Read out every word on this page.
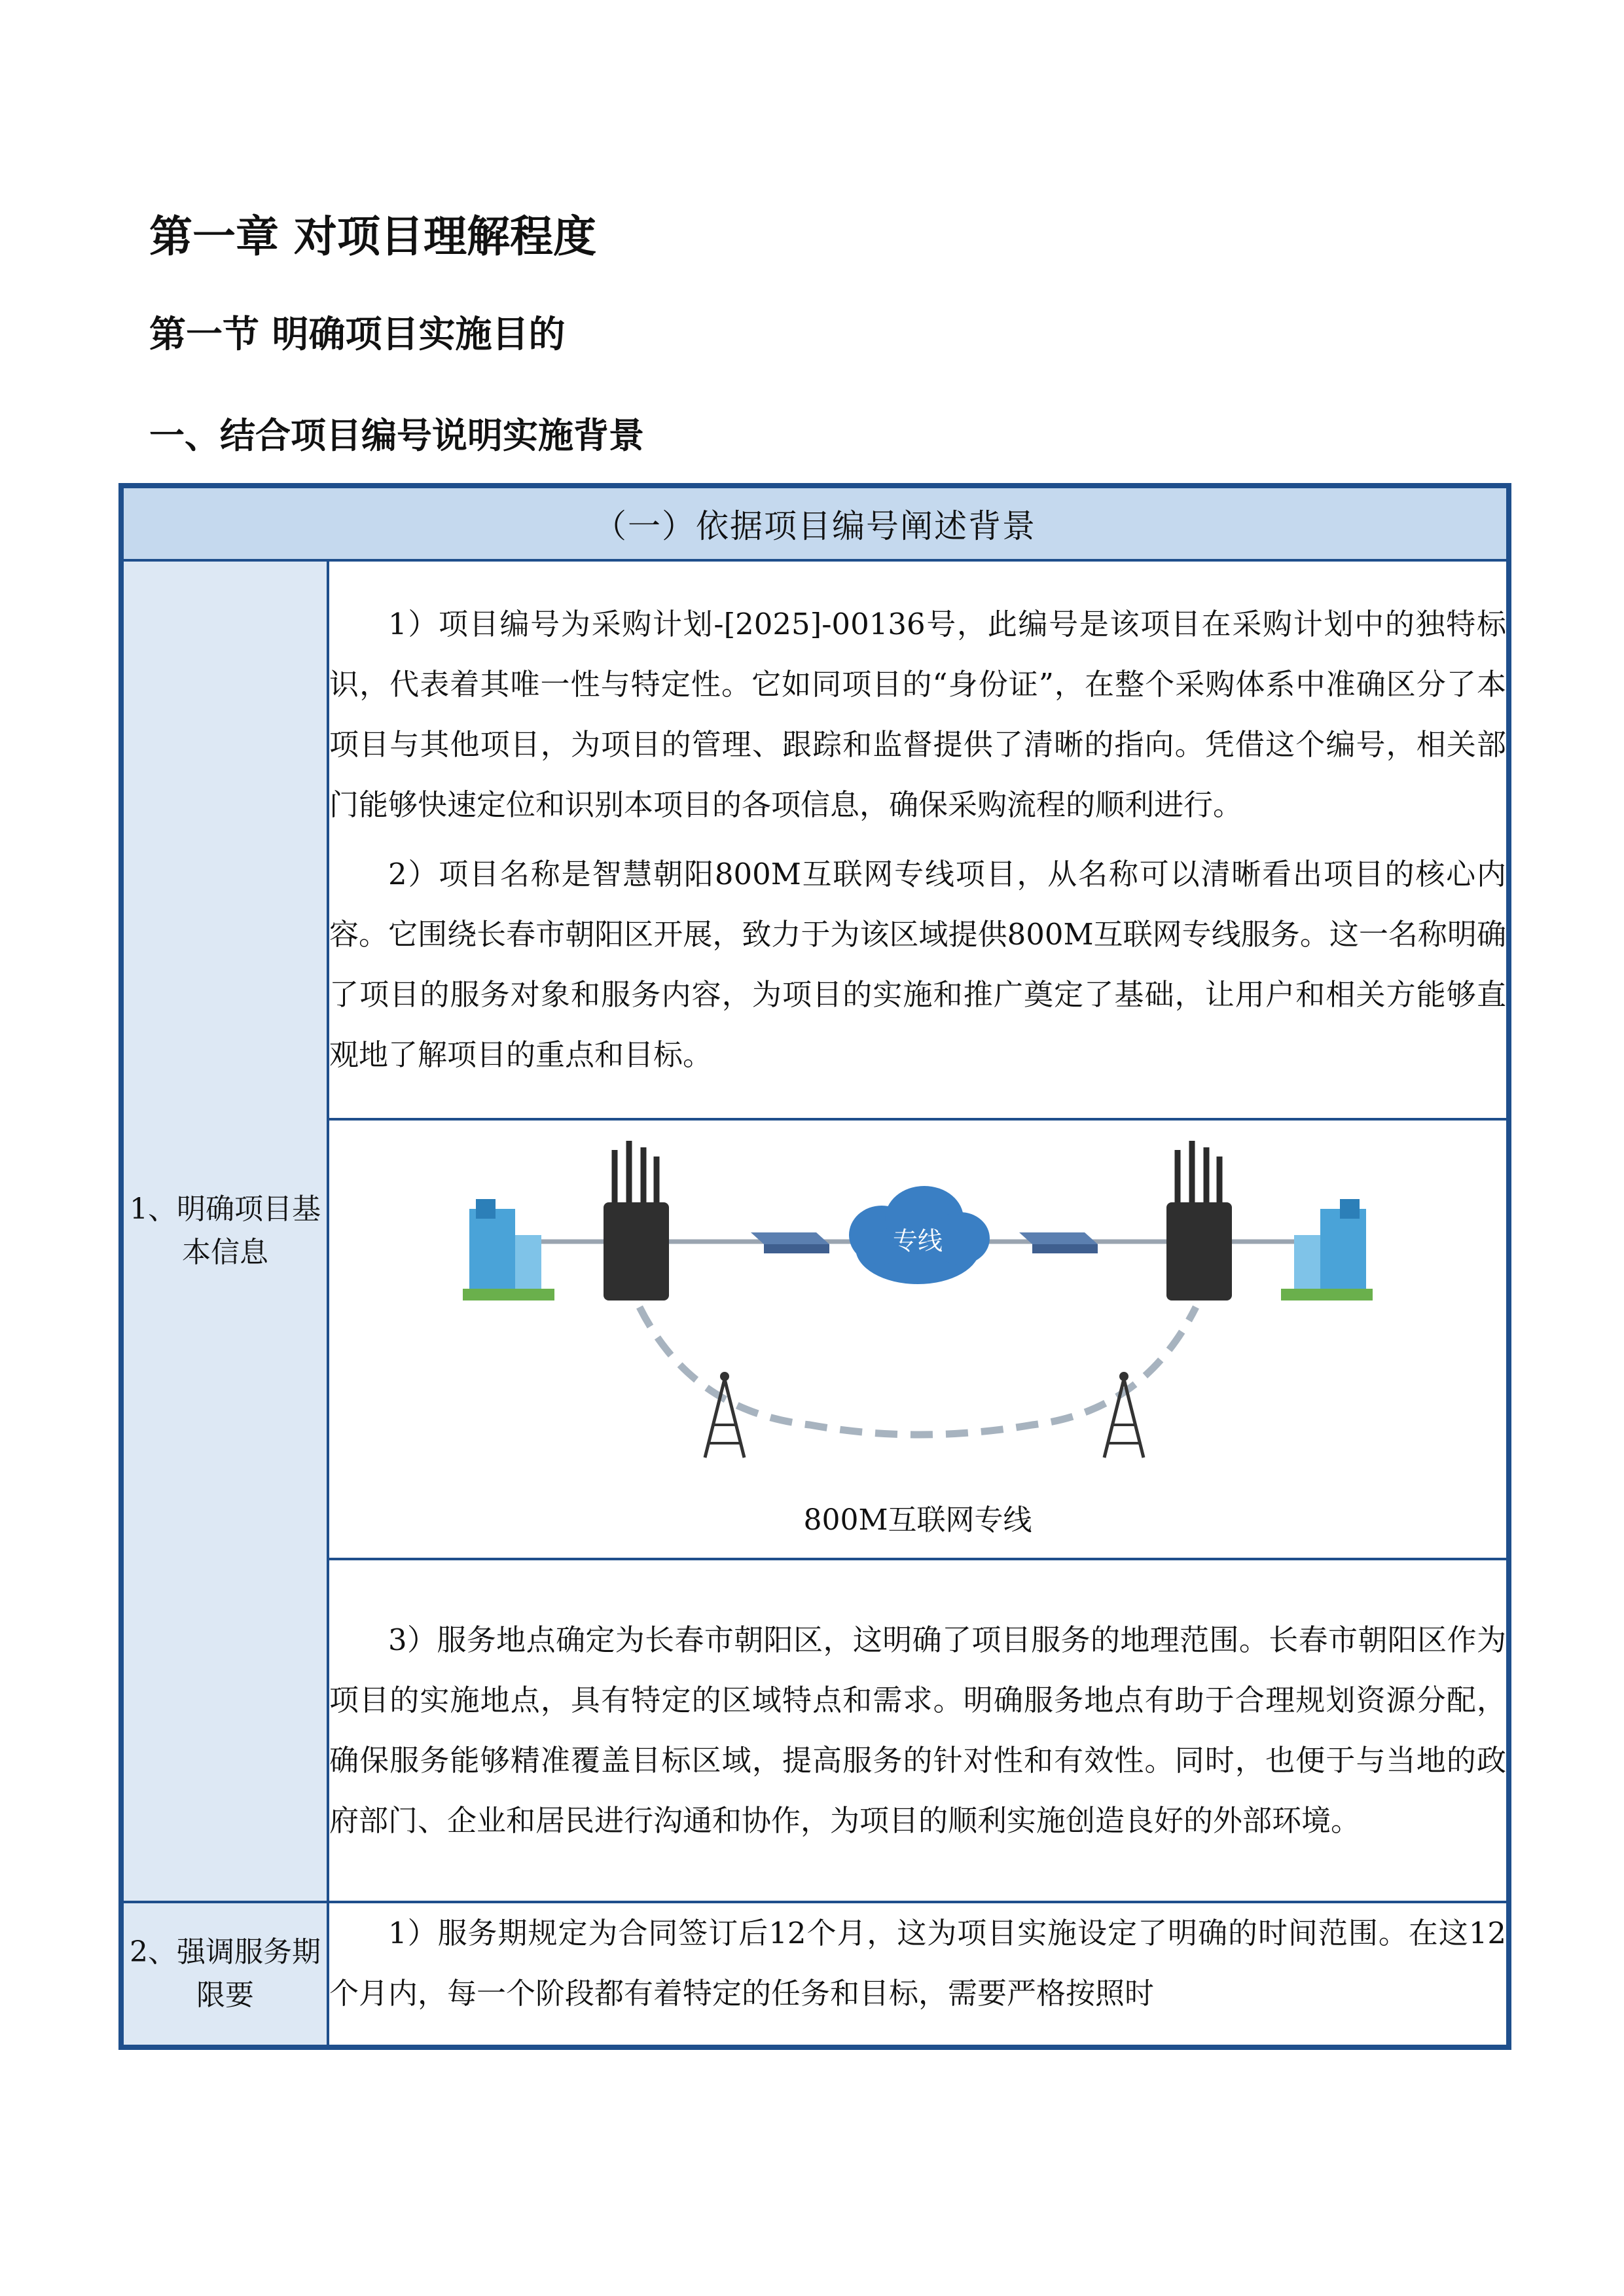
第一章 对项目理解程度
第一节 明确项目实施目的
一、结合项目编号说明实施背景
（一）依据项目编号阐述背景	
1、明确项目基本信息	1）项目编号为采购计划-[2025]-00136号，此编号是该项目在采购计划中的独特标识，代表着其唯一性与特定性。它如同项目的“身份证”，在整个采购体系中准确区分了本项目与其他项目，为项目的管理、跟踪和监督提供了清晰的指向。凭借这个编号，相关部门能够快速定位和识别本项目的各项信息，确保采购流程的顺利进行。

2）项目名称是智慧朝阳800M互联网专线项目，从名称可以清晰看出项目的核心内容。它围绕长春市朝阳区开展，致力于为该区域提供800M互联网专线服务。这一名称明确了项目的服务对象和服务内容，为项目的实施和推广奠定了基础，让用户和相关方能够直观地了解项目的重点和目标。

专线
800M互联网专线

	3）服务地点确定为长春市朝阳区，这明确了项目服务的地理范围。长春市朝阳区作为项目的实施地点，具有特定的区域特点和需求。明确服务地点有助于合理规划资源分配，确保服务能够精准覆盖目标区域，提高服务的针对性和有效性。同时，也便于与当地的政府部门、企业和居民进行沟通和协作，为项目的顺利实施创造良好的外部环境。

2、强调服务期限要	1）服务期规定为合同签订后12个月，这为项目实施设定了明确的时间范围。在这12个月内，每一个阶段都有着特定的任务和目标，需要严格按照时
